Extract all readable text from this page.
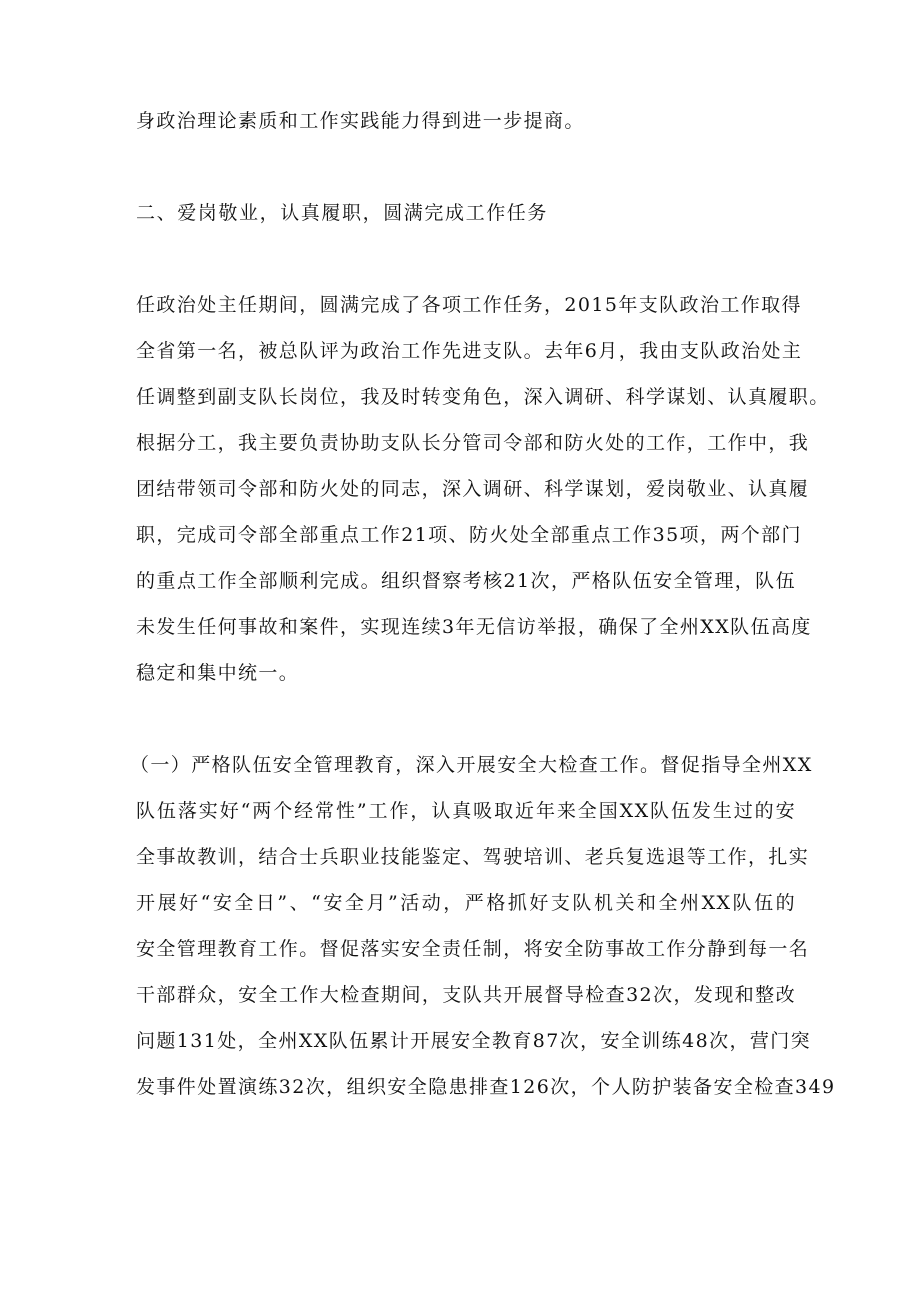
身政治理论素质和工作实践能力得到进一步提商。
二、爱岗敬业，认真履职，圆满完成工作任务
任政治处主任期间，圆满完成了各项工作任务，2015年支队政治工作取得
全省第一名，被总队评为政治工作先进支队。去年6月，我由支队政治处主
任调整到副支队长岗位，我及时转变角色，深入调研、科学谋划、认真履职。
根据分工，我主要负责协助支队长分管司令部和防火处的工作，工作中，我
团结带领司令部和防火处的同志，深入调研、科学谋划，爱岗敬业、认真履
职，完成司令部全部重点工作21项、防火处全部重点工作35项，两个部门
的重点工作全部顺利完成。组织督察考核21次，严格队伍安全管理，队伍
未发生任何事故和案件，实现连续3年无信访举报，确保了全州XX队伍高度
稳定和集中统一。
（一）严格队伍安全管理教育，深入开展安全大检查工作。督促指导全州XX
队伍落实好“两个经常性”工作，认真吸取近年来全国XX队伍发生过的安
全事故教训，结合士兵职业技能鉴定、驾驶培训、老兵复选退等工作，扎实
开展好“安全日”、“安全月”活动，严格抓好支队机关和全州XX队伍的
安全管理教育工作。督促落实安全责任制，将安全防事故工作分静到每一名
干部群众，安全工作大检查期间，支队共开展督导检查32次，发现和整改
问题131处，全州XX队伍累计开展安全教育87次，安全训练48次，营门突
发事件处置演练32次，组织安全隐患排查126次，个人防护装备安全检查349
